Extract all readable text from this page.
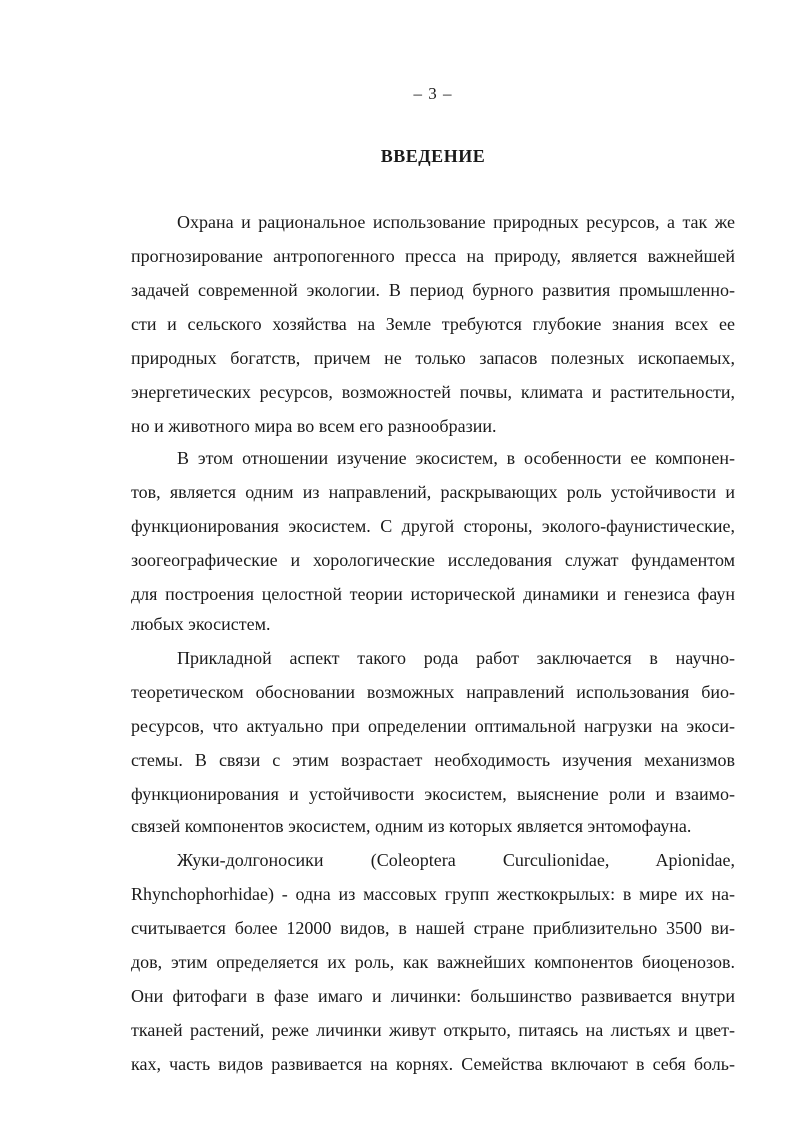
– 3 –
ВВЕДЕНИЕ
Охрана и рациональное использование природных ресурсов, а так же
прогнозирование антропогенного пресса на природу, является важнейшей
задачей современной экологии. В период бурного развития промышленно-
сти и сельского хозяйства на Земле требуются глубокие знания всех ее
природных богатств, причем не только запасов полезных ископаемых,
энергетических ресурсов, возможностей почвы, климата и растительности,
но и животного мира во всем его разнообразии.
В этом отношении изучение экосистем, в особенности ее компонен-
тов, является одним из направлений, раскрывающих роль устойчивости и
функционирования экосистем. С другой стороны, эколого-фаунистические,
зоогеографические и хорологические исследования служат фундаментом
для построения целостной теории исторической динамики и генезиса фаун
любых экосистем.
Прикладной аспект такого рода работ заключается в научно-
теоретическом обосновании возможных направлений использования био-
ресурсов, что актуально при определении оптимальной нагрузки на экоси-
стемы. В связи с этим возрастает необходимость изучения механизмов
функционирования и устойчивости экосистем, выяснение роли и взаимо-
связей компонентов экосистем, одним из которых является энтомофауна.
Жуки-долгоносики (Coleoptera Curculionidae, Apionidae,
Rhynchophorhidae) - одна из массовых групп жесткокрылых: в мире их на-
считывается более 12000 видов, в нашей стране приблизительно 3500 ви-
дов, этим определяется их роль, как важнейших компонентов биоценозов.
Они фитофаги в фазе имаго и личинки: большинство развивается внутри
тканей растений, реже личинки живут открыто, питаясь на листьях и цвет-
ках, часть видов развивается на корнях. Семейства включают в себя боль-
